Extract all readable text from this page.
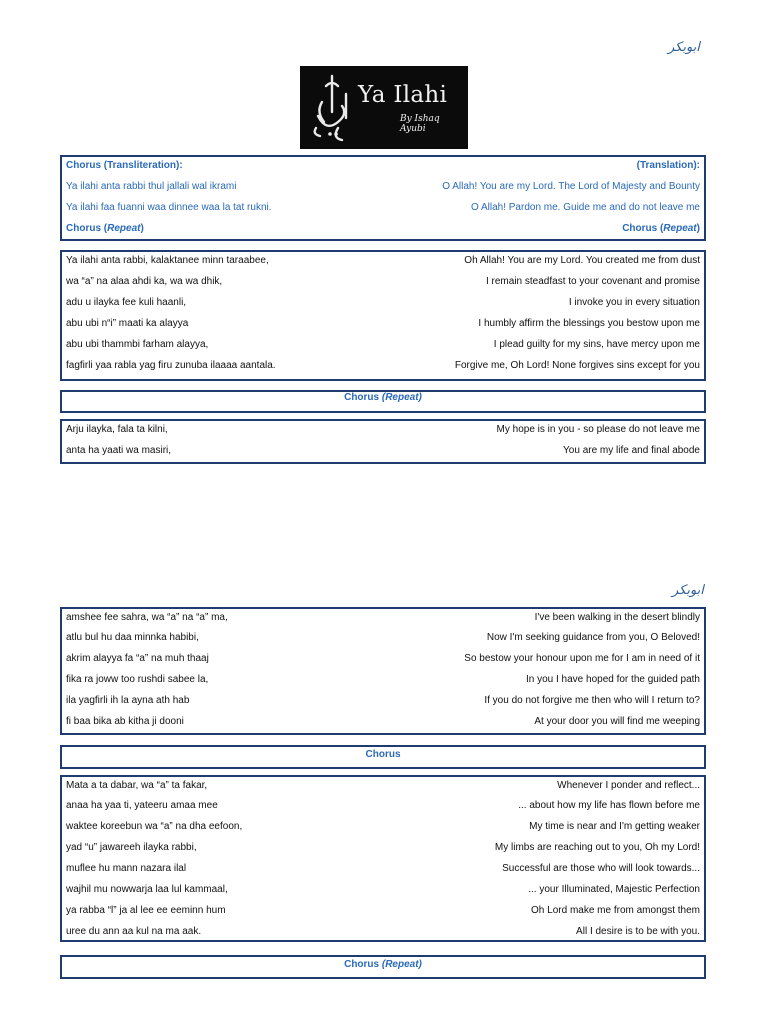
ابوبکر
ابوبکر
Ya Ilahi
By Ishaq Ayubi
Chorus (Transliteration):	(Translation):
Ya ilahi anta rabbi thul jallali wal ikrami	O Allah! You are my Lord. The Lord of Majesty and Bounty
Ya ilahi faa fuanni waa dinnee waa la tat rukni.	O Allah! Pardon me. Guide me and do not leave me
Chorus (Repeat)	Chorus (Repeat)
Ya ilahi anta rabbi, kalaktanee minn taraabee,	Oh Allah! You are my Lord. You created me from dust
wa “a” na alaa ahdi ka, wa wa dhik,	I remain steadfast to your covenant and promise
adu u ilayka fee kuli haanli,	I invoke you in every situation
abu ubi n“i” maati ka alayya	I humbly affirm the blessings you bestow upon me
abu ubi thammbi farham alayya,	I plead guilty for my sins, have mercy upon me
fagfirli yaa rabla yag firu zunuba ilaaaa aantala.	Forgive me, Oh Lord! None forgives sins except for you
Chorus (Repeat)
Arju ilayka, fala ta kilni,	My hope is in you - so please do not leave me
anta ha yaati wa masiri,	You are my life and final abode
amshee fee sahra, wa “a” na “a” ma,	I've been walking in the desert blindly
atlu bul hu daa minnka habibi,	Now I'm seeking guidance from you, O Beloved!
akrim alayya fa “a” na muh thaaj	So bestow your honour upon me for I am in need of it
fika ra joww too rushdi sabee la,	In you I have hoped for the guided path
ila yagfirli ih la ayna ath hab	If you do not forgive me then who will I return to?
fi baa bika ab kitha ji dooni	At your door you will find me weeping
Chorus
Mata a ta dabar, wa “a” ta fakar,	Whenever I ponder and reflect...
anaa ha yaa ti, yateeru amaa mee	... about how my life has flown before me
waktee koreebun wa “a” na dha eefoon,	My time is near and I'm getting weaker
yad “u” jawareeh ilayka rabbi,	My limbs are reaching out to you, Oh my Lord!
muflee hu mann nazara ilal	Successful are those who will look towards...
wajhil mu nowwarja laa lul kammaal,	... your Illuminated, Majestic Perfection
ya rabba “l” ja al lee ee eeminn hum	Oh Lord make me from amongst them
uree du ann aa kul na ma aak.	All I desire is to be with you.
Chorus (Repeat)
